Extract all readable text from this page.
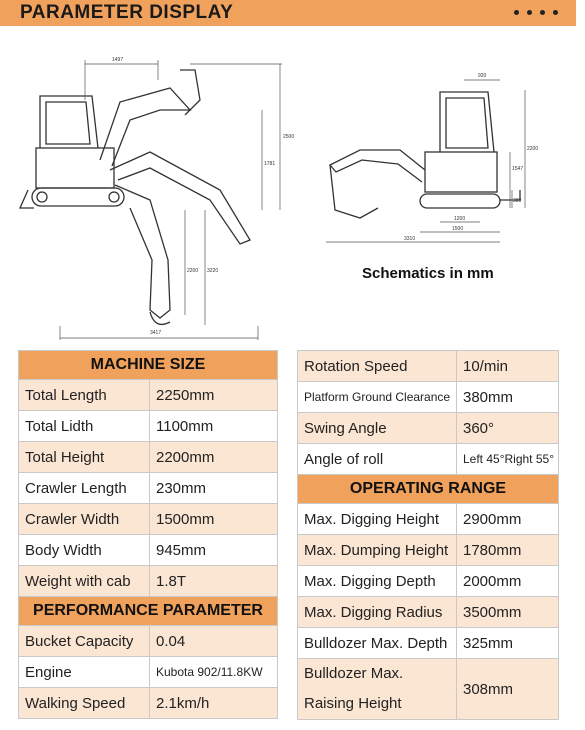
PARAMETER DISPLAY
1497
2500
1781
2200 3220
3417
920
2200
1547
380
1200
1500
3310
Schematics in mm
MACHINE SIZE	
Total Length	2250mm
Total Lidth	1100mm
Total Height	2200mm
Crawler Length	230mm
Crawler Width	1500mm
Body Width	945mm
Weight with cab	1.8T
PERFORMANCE PARAMETER	
Bucket Capacity	0.04
Engine	Kubota 902/11.8KW
Walking Speed	2.1km/h
Rotation Speed	10/min
Platform Ground Clearance	380mm
Swing Angle	360°
Angle of roll	Left 45°Right 55°
OPERATING RANGE	
Max. Digging Height	2900mm
Max. Dumping Height	1780mm
Max. Digging Depth	2000mm
Max. Digging Radius	3500mm
Bulldozer Max. Depth	325mm

Bulldozer Max.
Raising Height	308mm
